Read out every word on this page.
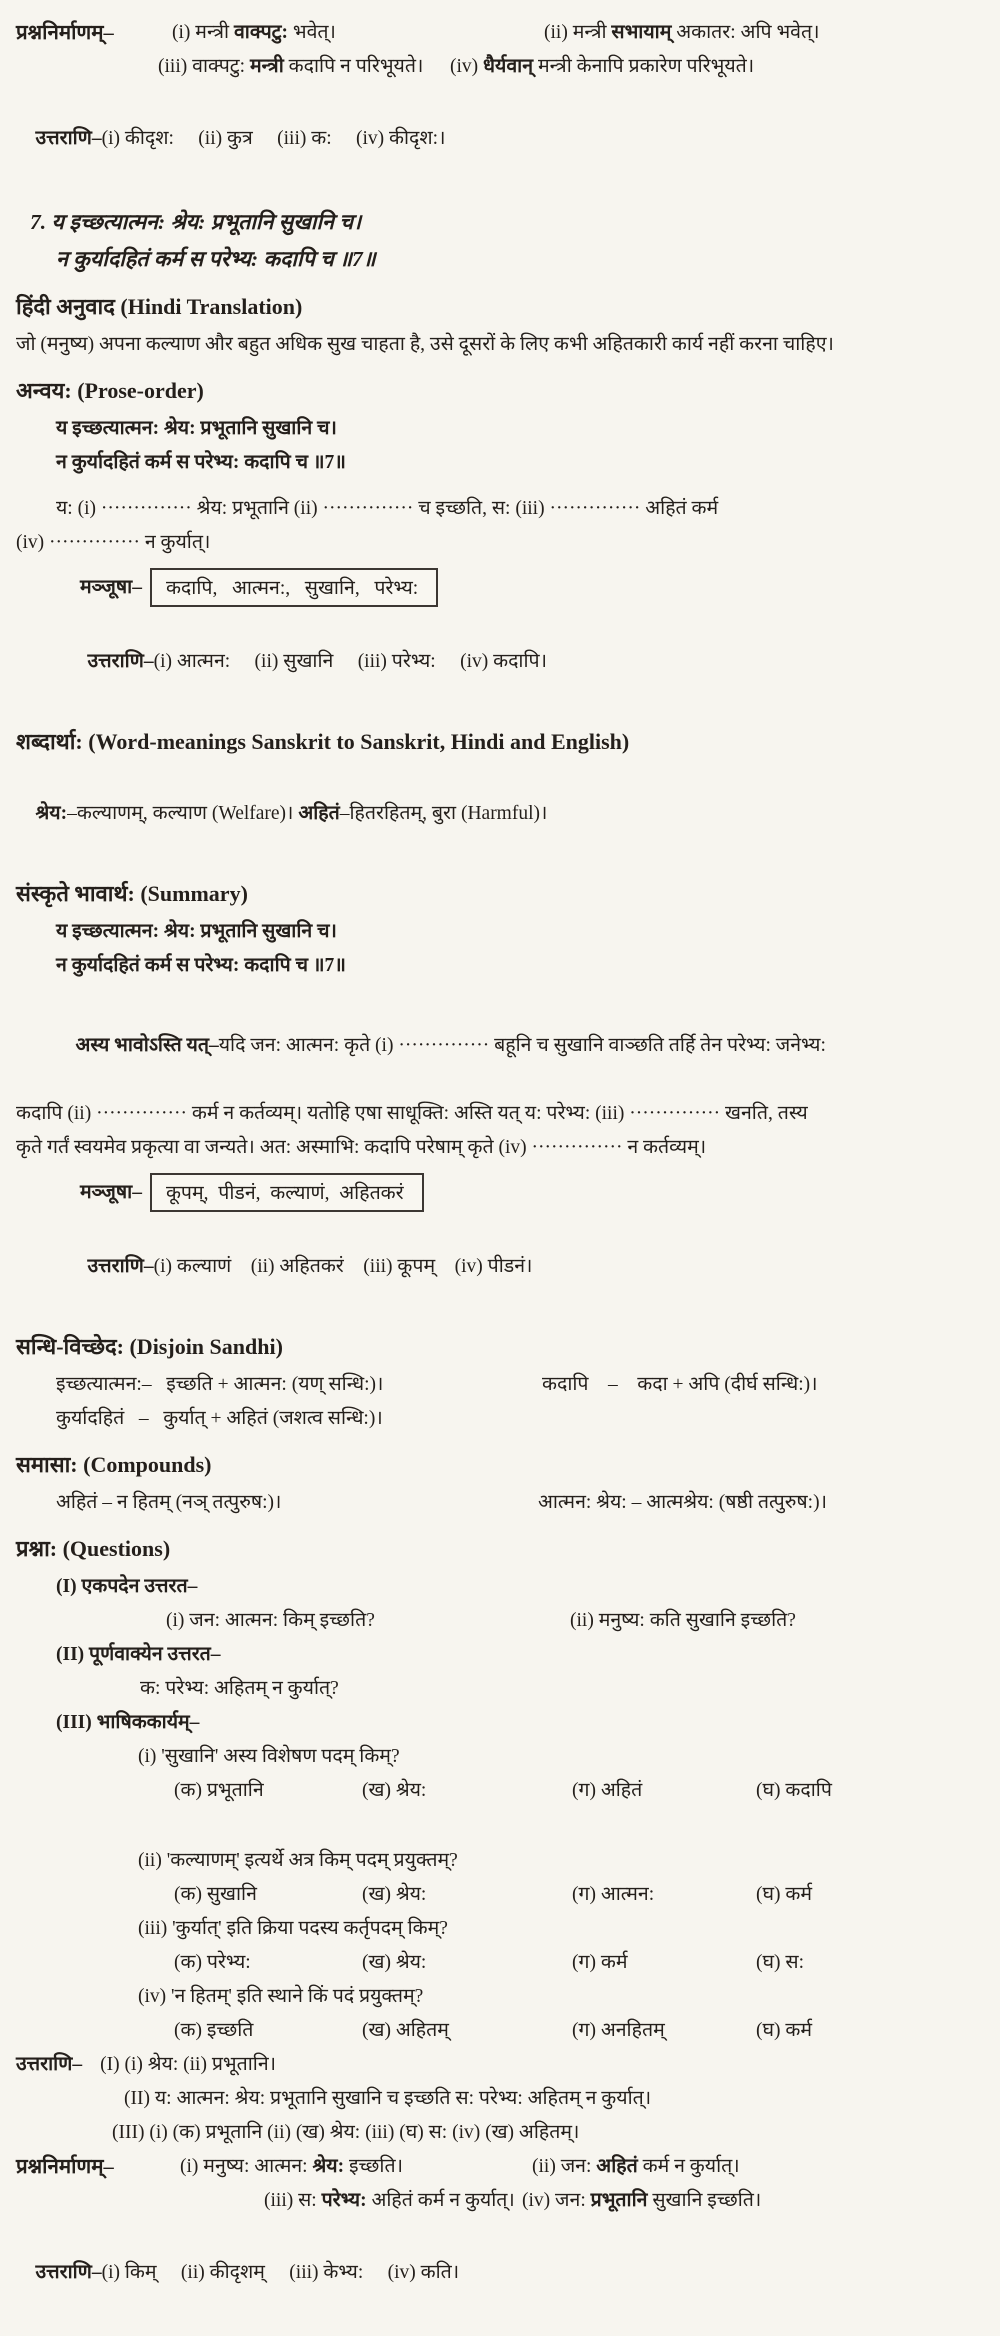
प्रश्ननिर्माणम्–	(i) मन्त्री वाक्पटु: भवेत्।	(ii) मन्त्री सभायाम् अकातर: अपि भवेत्।
(iii) वाक्पटु: मन्त्री कदापि न परिभूयते।	(iv) धैर्यवान् मन्त्री केनापि प्रकारेण परिभूयते।

उत्तराणि–(i) कीदृश:     (ii) कुत्र     (iii) क:     (iv) कीदृश:।

7. य इच्छत्यात्मन: श्रेय: प्रभूतानि सुखानि च।
न कुर्यादहितं कर्म स परेभ्य: कदापि च ॥7॥
हिंदी अनुवाद (Hindi Translation)
जो (मनुष्य) अपना कल्याण और बहुत अधिक सुख चाहता है, उसे दूसरों के लिए कभी अहितकारी कार्य नहीं करना चाहिए।
अन्वय: (Prose-order)
य इच्छत्यात्मन: श्रेय: प्रभूतानि सुखानि च।
न कुर्यादहितं कर्म स परेभ्य: कदापि च ॥7॥
य: (i) ·············· श्रेय: प्रभूतानि (ii) ·············· च इच्छति, स: (iii) ·············· अहितं कर्म
(iv) ·············· न कुर्यात्।
मञ्जूषा–	कदापि,   आत्मन:,   सुखानि,   परेभ्य:

उत्तराणि–(i) आत्मन:     (ii) सुखानि     (iii) परेभ्य:     (iv) कदापि।

शब्दार्था: (Word-meanings Sanskrit to Sanskrit, Hindi and English)

श्रेय:–कल्याणम्, कल्याण (Welfare)। अहितं–हितरहितम्, बुरा (Harmful)।

संस्कृते भावार्थ: (Summary)
य इच्छत्यात्मन: श्रेय: प्रभूतानि सुखानि च।
न कुर्यादहितं कर्म स परेभ्य: कदापि च ॥7॥

अस्य भावोऽस्ति यत्–यदि जन: आत्मन: कृते (i) ·············· बहूनि च सुखानि वाञ्छति तर्हि तेन परेभ्य: जनेभ्य:

कदापि (ii) ·············· कर्म न कर्तव्यम्। यतोहि एषा साधूक्ति: अस्ति यत् य: परेभ्य: (iii) ·············· खनति, तस्य
कृते गर्तं स्वयमेव प्रकृत्या वा जन्यते। अत: अस्माभि: कदापि परेषाम् कृते (iv) ·············· न कर्तव्यम्।
मञ्जूषा–	कूपम्,  पीडनं,  कल्याणं,  अहितकरं

उत्तराणि–(i) कल्याणं    (ii) अहितकरं    (iii) कूपम्    (iv) पीडनं।

सन्धि-विच्छेद: (Disjoin Sandhi)
इच्छत्यात्मन:–   इच्छति + आत्मन: (यण् सन्धि:)।	कदापि    –    कदा + अपि (दीर्घ सन्धि:)।
कुर्यादहितं   –   कुर्यात् + अहितं (जशत्व सन्धि:)।
समासा: (Compounds)
अहितं – न हितम् (नञ् तत्पुरुष:)।	आत्मन: श्रेय: – आत्मश्रेय: (षष्ठी तत्पुरुष:)।
प्रश्ना: (Questions)
(I) एकपदेन उत्तरत–
(i) जन: आत्मन: किम् इच्छति?	(ii) मनुष्य: कति सुखानि इच्छति?
(II) पूर्णवाक्येन उत्तरत–
क: परेभ्य: अहितम् न कुर्यात्?
(III) भाषिककार्यम्–
(i) 'सुखानि' अस्य विशेषण पदम् किम्?
(क) प्रभूतानि	(ख) श्रेय:	(ग) अहितं	(घ) कदापि
(ii) 'कल्याणम्' इत्यर्थे अत्र किम् पदम् प्रयुक्तम्?
(क) सुखानि	(ख) श्रेय:	(ग) आत्मन:	(घ) कर्म
(iii) 'कुर्यात्' इति क्रिया पदस्य कर्तृपदम् किम्?
(क) परेभ्य:	(ख) श्रेय:	(ग) कर्म	(घ) स:
(iv) 'न हितम्' इति स्थाने किं पदं प्रयुक्तम्?
(क) इच्छति	(ख) अहितम्	(ग) अनहितम्	(घ) कर्म
उत्तराणि– (I) (i) श्रेय: (ii) प्रभूतानि।
(II) य: आत्मन: श्रेय: प्रभूतानि सुखानि च इच्छति स: परेभ्य: अहितम् न कुर्यात्।
(III) (i) (क) प्रभूतानि (ii) (ख) श्रेय: (iii) (घ) स: (iv) (ख) अहितम्।
प्रश्ननिर्माणम्–	(i) मनुष्य: आत्मन: श्रेय: इच्छति।	(ii) जन: अहितं कर्म न कुर्यात्।
(iii) स: परेभ्य: अहितं कर्म न कुर्यात्। (iv) जन: प्रभूतानि सुखानि इच्छति।

उत्तराणि–(i) किम्     (ii) कीदृशम्     (iii) केभ्य:     (iv) कति।
